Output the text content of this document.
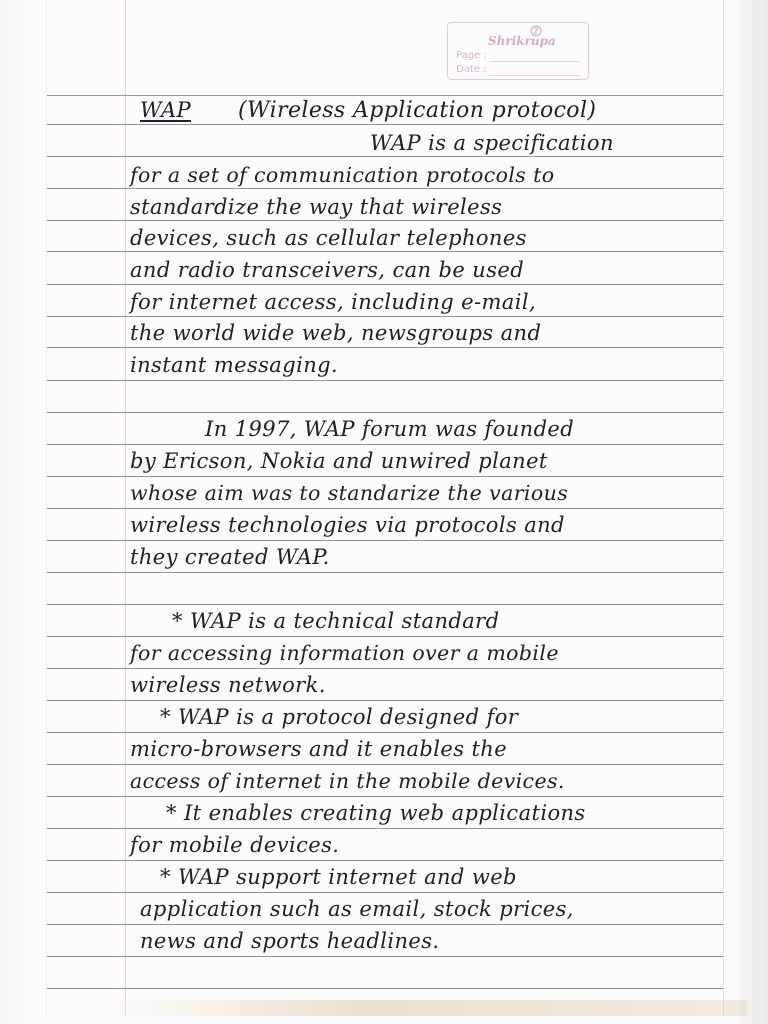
Shrikrupa
Page :
Date :
WAP (Wireless Application protocol)
WAP is a specification
for a set of communication protocols to
standardize the way that wireless
devices, such as cellular telephones
and radio transceivers, can be used
for internet access, including e-mail,
the world wide web, newsgroups and
instant messaging.
In 1997, WAP forum was founded
by Ericson, Nokia and unwired planet
whose aim was to standarize the various
wireless technologies via protocols and
they created WAP.
* WAP is a technical standard
for accessing information over a mobile
wireless network.
* WAP is a protocol designed for
micro-browsers and it enables the
access of internet in the mobile devices.
* It enables creating web applications
for mobile devices.
* WAP support internet and web
application such as email, stock prices,
news and sports headlines.
